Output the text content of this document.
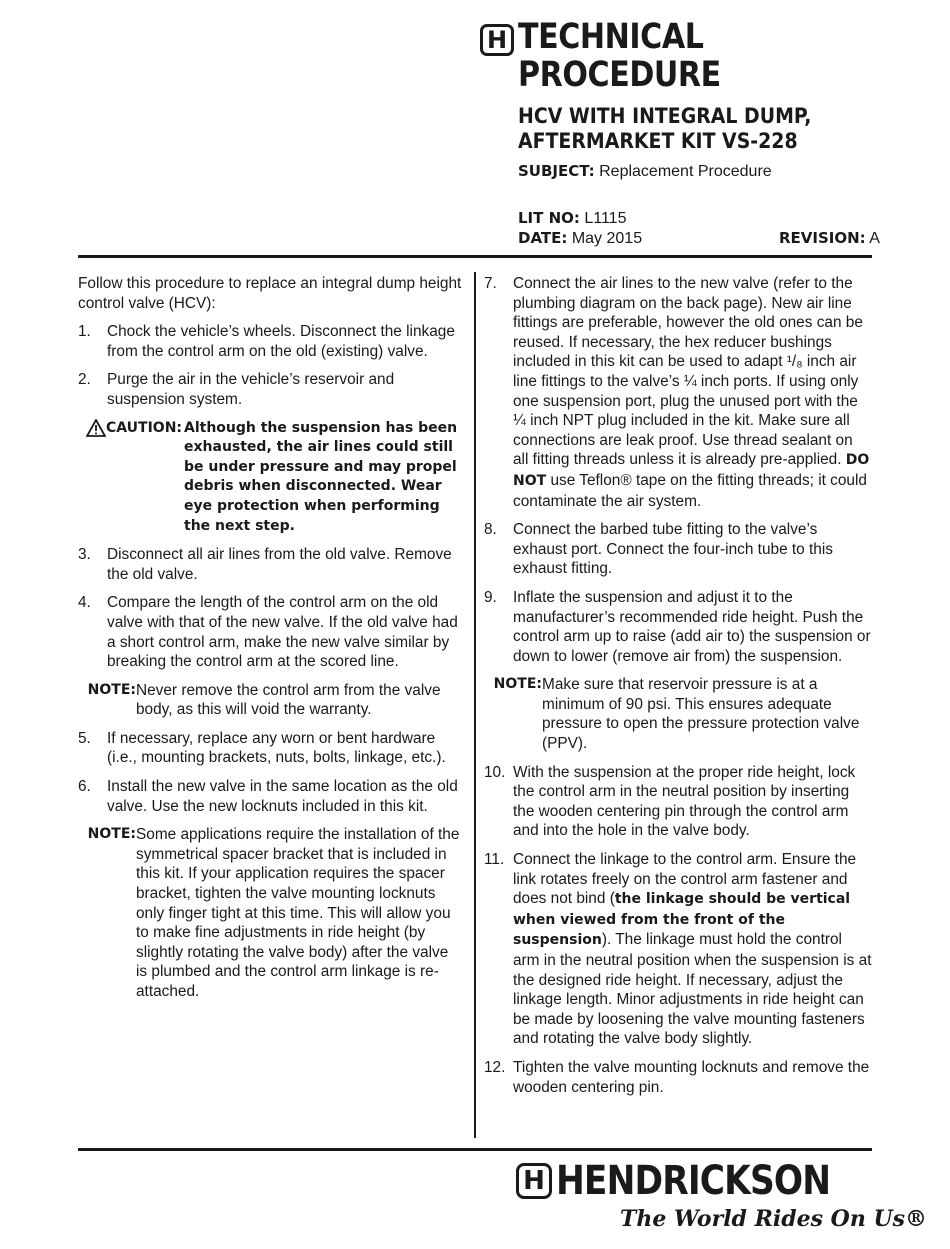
H TECHNICAL
PROCEDURE
HCV WITH INTEGRAL DUMP,
AFTERMARKET KIT VS-228
SUBJECT: Replacement Procedure
LIT NO: L1115
DATE: May 2015	REVISION: A

Follow this procedure to replace an integral dump height control valve (HCV):

1.	Chock the vehicle’s wheels. Disconnect the linkage from the control arm on the old (existing) valve.
2.	Purge the air in the vehicle’s reservoir and suspension system.
CAUTION: Although the suspension has been exhausted, the air lines could still be under pressure and may propel debris when disconnected. Wear eye protection when performing the next step.
3.	Disconnect all air lines from the old valve. Remove the old valve.
4.	Compare the length of the control arm on the old valve with that of the new valve. If the old valve had a short control arm, make the new valve similar by breaking the control arm at the scored line.
NOTE: Never remove the control arm from the valve body, as this will void the warranty.
5.	If necessary, replace any worn or bent hardware (i.e., mounting brackets, nuts, bolts, linkage, etc.).
6.	Install the new valve in the same location as the old valve. Use the new locknuts included in this kit.
NOTE: Some applications require the installation of the symmetrical spacer bracket that is included in this kit. If your application requires the spacer bracket, tighten the valve mounting locknuts only finger tight at this time. This will allow you to make fine adjustments in ride height (by slightly rotating the valve body) after the valve is plumbed and the control arm linkage is re-attached.
7.	Connect the air lines to the new valve (refer to the plumbing diagram on the back page). New air line fittings are preferable, however the old ones can be reused. If necessary, the hex reducer bushings included in this kit can be used to adapt ¹/₈ inch air line fittings to the valve’s ¼ inch ports. If using only one suspension port, plug the unused port with the ¼ inch NPT plug included in the kit. Make sure all connections are leak proof. Use thread sealant on all fitting threads unless it is already pre-applied. DO NOT use Teflon® tape on the fitting threads; it could contaminate the air system.
8.	Connect the barbed tube fitting to the valve’s exhaust port. Connect the four-inch tube to this exhaust fitting.
9.	Inflate the suspension and adjust it to the manufacturer’s recommended ride height. Push the control arm up to raise (add air to) the suspension or down to lower (remove air from) the suspension.
NOTE: Make sure that reservoir pressure is at a minimum of 90 psi. This ensures adequate pressure to open the pressure protection valve (PPV).
10. With the suspension at the proper ride height, lock the control arm in the neutral position by inserting the wooden centering pin through the control arm and into the hole in the valve body.
11. Connect the linkage to the control arm. Ensure the link rotates freely on the control arm fastener and does not bind (the linkage should be vertical when viewed from the front of the suspension). The linkage must hold the control arm in the neutral position when the suspension is at the designed ride height. If necessary, adjust the linkage length. Minor adjustments in ride height can be made by loosening the valve mounting fasteners and rotating the valve body slightly.
12. Tighten the valve mounting locknuts and remove the wooden centering pin.
H HENDRICKSON
The World Rides On Us®
